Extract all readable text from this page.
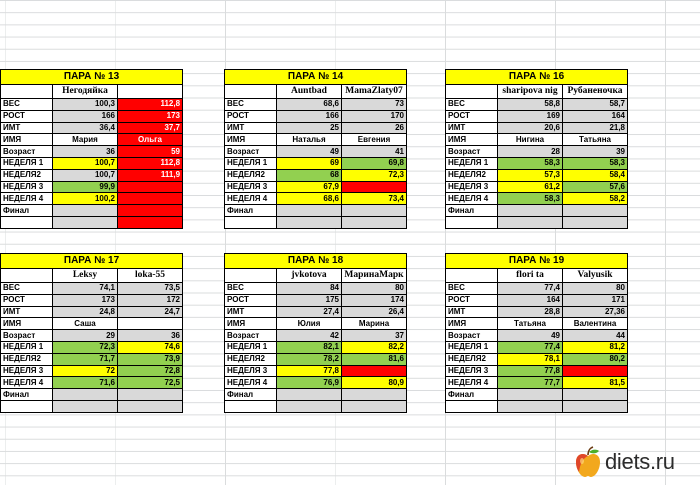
ПАРА № 13		
	Негодяйка	Оля 45
ВЕС	100,3	112,8
РОСТ	166	173
ИМТ	36,4	37,7
ИМЯ	Мария	Ольга
Возраст	36	59
НЕДЕЛЯ 1	100,7	112,8
НЕДЕЛЯ2	100,7	111,9
НЕДЕЛЯ 3	99,9	
НЕДЕЛЯ 4	100,2	
Финал		

ПАРА № 14		
	Auntbad	MamaZlaty07
ВЕС	68,6	73
РОСТ	166	170
ИМТ	25	26
ИМЯ	Наталья	Евгения
Возраст	49	41
НЕДЕЛЯ 1	69	69,8
НЕДЕЛЯ2	68	72,3
НЕДЕЛЯ 3	67,9	
НЕДЕЛЯ 4	68,6	73,4
Финал		

ПАРА № 16		
	sharipova nig	Рубаненочка
ВЕС	58,8	58,7
РОСТ	169	164
ИМТ	20,6	21,8
ИМЯ	Нигина	Татьяна
Возраст	28	39
НЕДЕЛЯ 1	58,3	58,3
НЕДЕЛЯ2	57,3	58,4
НЕДЕЛЯ 3	61,2	57,6
НЕДЕЛЯ 4	58,3	58,2
Финал		

ПАРА № 17		
	Leksy	loka-55
ВЕС	74,1	73,5
РОСТ	173	172
ИМТ	24,8	24,7
ИМЯ	Саша	
Возраст	29	36
НЕДЕЛЯ 1	72,3	74,6
НЕДЕЛЯ2	71,7	73,9
НЕДЕЛЯ 3	72	72,8
НЕДЕЛЯ 4	71,6	72,5
Финал		

ПАРА № 18		
	jvkotova	МаринаМарк
ВЕС	84	80
РОСТ	175	174
ИМТ	27,4	26,4
ИМЯ	Юлия	Марина
Возраст	42	37
НЕДЕЛЯ 1	82,1	82,2
НЕДЕЛЯ2	78,2	81,6
НЕДЕЛЯ 3	77,8	
НЕДЕЛЯ 4	76,9	80,9
Финал		

ПАРА № 19		
	flori ta	Valyusik
ВЕС	77,4	80
РОСТ	164	171
ИМТ	28,8	27,36
ИМЯ	Татьяна	Валентина
Возраст	49	44
НЕДЕЛЯ 1	77,4	81,2
НЕДЕЛЯ2	78,1	80,2
НЕДЕЛЯ 3	77,8	
НЕДЕЛЯ 4	77,7	81,5
Финал		

diets.ru
